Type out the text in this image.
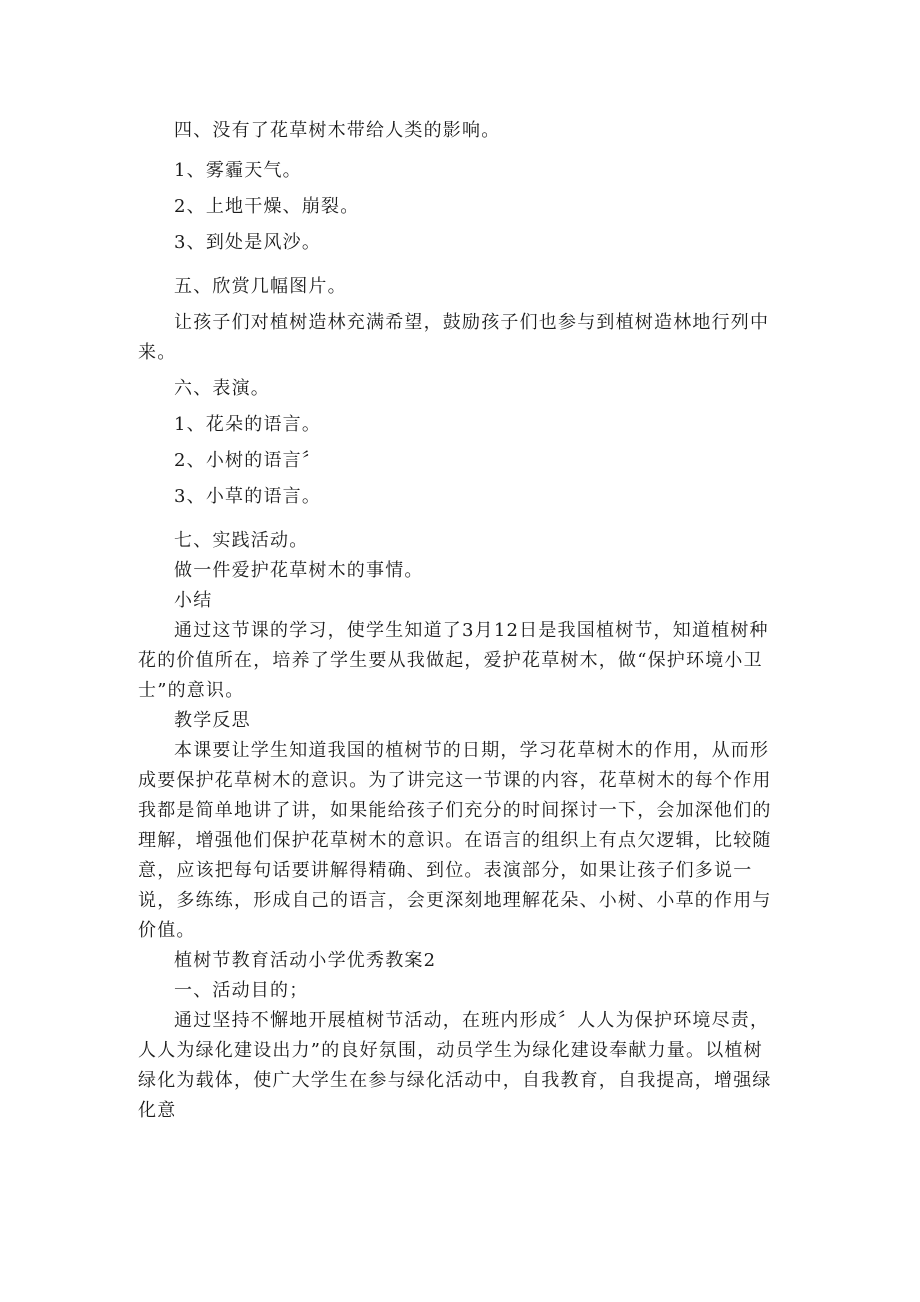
四、没有了花草树木带给人类的影响。

1、雾霾天气。

2、上地干燥、崩裂。

3、到处是风沙。

五、欣赏几幅图片。

让孩子们对植树造林充满希望，鼓励孩子们也参与到植树造林地行列中来。

六、表演。

1、花朵的语言。

2、小树的语言〞

3、小草的语言。

七、实践活动。

做一件爱护花草树木的事情。

小结

通过这节课的学习，使学生知道了3月12日是我国植树节，知道植树种花的价值所在，培养了学生要从我做起，爱护花草树木，做“保护环境小卫士”的意识。

教学反思

本课要让学生知道我国的植树节的日期，学习花草树木的作用，从而形成要保护花草树木的意识。为了讲完这一节课的内容，花草树木的每个作用我都是简单地讲了讲，如果能给孩子们充分的时间探讨一下，会加深他们的理解，增强他们保护花草树木的意识。在语言的组织上有点欠逻辑，比较随意，应该把每句话要讲解得精确、到位。表演部分，如果让孩子们多说一说，多练练，形成自己的语言，会更深刻地理解花朵、小树、小草的作用与价值。

植树节教育活动小学优秀教案2

一、活动目的；

通过坚持不懈地开展植树节活动，在班内形成〞人人为保护环境尽责，人人为绿化建设出力”的良好氛围，动员学生为绿化建设奉献力量。以植树绿化为载体，使广大学生在参与绿化活动中，自我教育，自我提高，增强绿化意
